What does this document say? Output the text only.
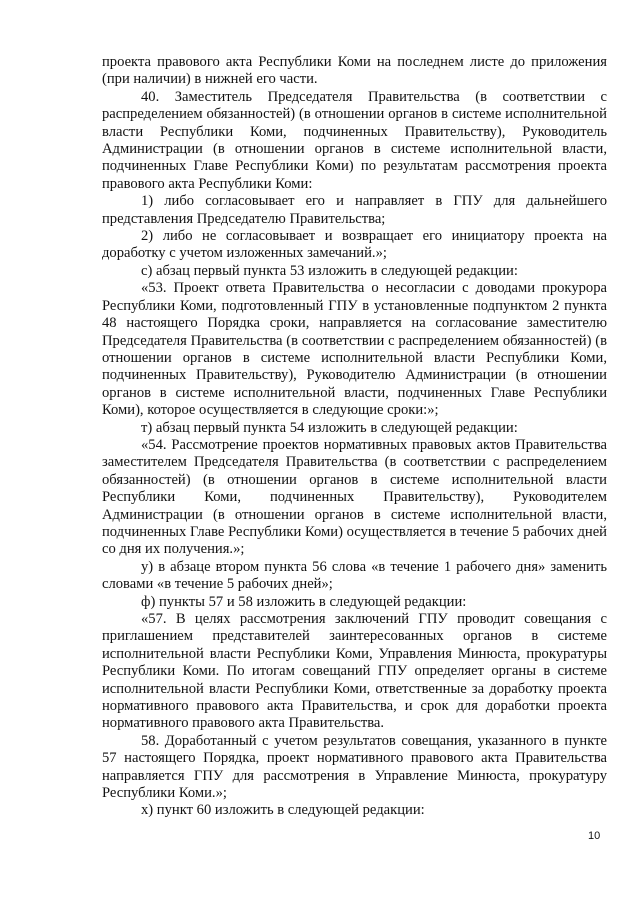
проекта правового акта Республики Коми на последнем листе до приложения (при наличии) в нижней его части.

40. Заместитель Председателя Правительства (в соответствии с распределением обязанностей) (в отношении органов в системе исполнительной власти Республики Коми, подчиненных Правительству), Руководитель Администрации (в отношении органов в системе исполнительной власти, подчиненных Главе Республики Коми) по результатам рассмотрения проекта правового акта Республики Коми:

1) либо согласовывает его и направляет в ГПУ для дальнейшего представления Председателю Правительства;

2) либо не согласовывает и возвращает его инициатору проекта на доработку с учетом изложенных замечаний.»;

с) абзац первый пункта 53 изложить в следующей редакции:

«53. Проект ответа Правительства о несогласии с доводами прокурора Республики Коми, подготовленный ГПУ в установленные подпунктом 2 пункта 48 настоящего Порядка сроки, направляется на согласование заместителю Председателя Правительства (в соответствии с распределением обязанностей) (в отношении органов в системе исполнительной власти Республики Коми, подчиненных Правительству), Руководителю Администрации (в отношении органов в системе исполнительной власти, подчиненных Главе Республики Коми), которое осуществляется в следующие сроки:»;

т) абзац первый пункта 54 изложить в следующей редакции:

«54. Рассмотрение проектов нормативных правовых актов Правительства заместителем Председателя Правительства (в соответствии с распределением обязанностей) (в отношении органов в системе исполнительной власти Республики Коми, подчиненных Правительству), Руководителем Администрации (в отношении органов в системе исполнительной власти, подчиненных Главе Республики Коми) осуществляется в течение 5 рабочих дней со дня их получения.»;

у) в абзаце втором пункта 56 слова «в течение 1 рабочего дня» заменить словами «в течение 5 рабочих дней»;

ф) пункты 57 и 58 изложить в следующей редакции:

«57. В целях рассмотрения заключений ГПУ проводит совещания с приглашением представителей заинтересованных органов в системе исполнительной власти Республики Коми, Управления Минюста, прокуратуры Республики Коми. По итогам совещаний ГПУ определяет органы в системе исполнительной власти Республики Коми, ответственные за доработку проекта нормативного правового акта Правительства, и срок для доработки проекта нормативного правового акта Правительства.

58. Доработанный с учетом результатов совещания, указанного в пункте 57 настоящего Порядка, проект нормативного правового акта Правительства направляется ГПУ для рассмотрения в Управление Минюста, прокуратуру Республики Коми.»;

х) пункт 60 изложить в следующей редакции:

10
